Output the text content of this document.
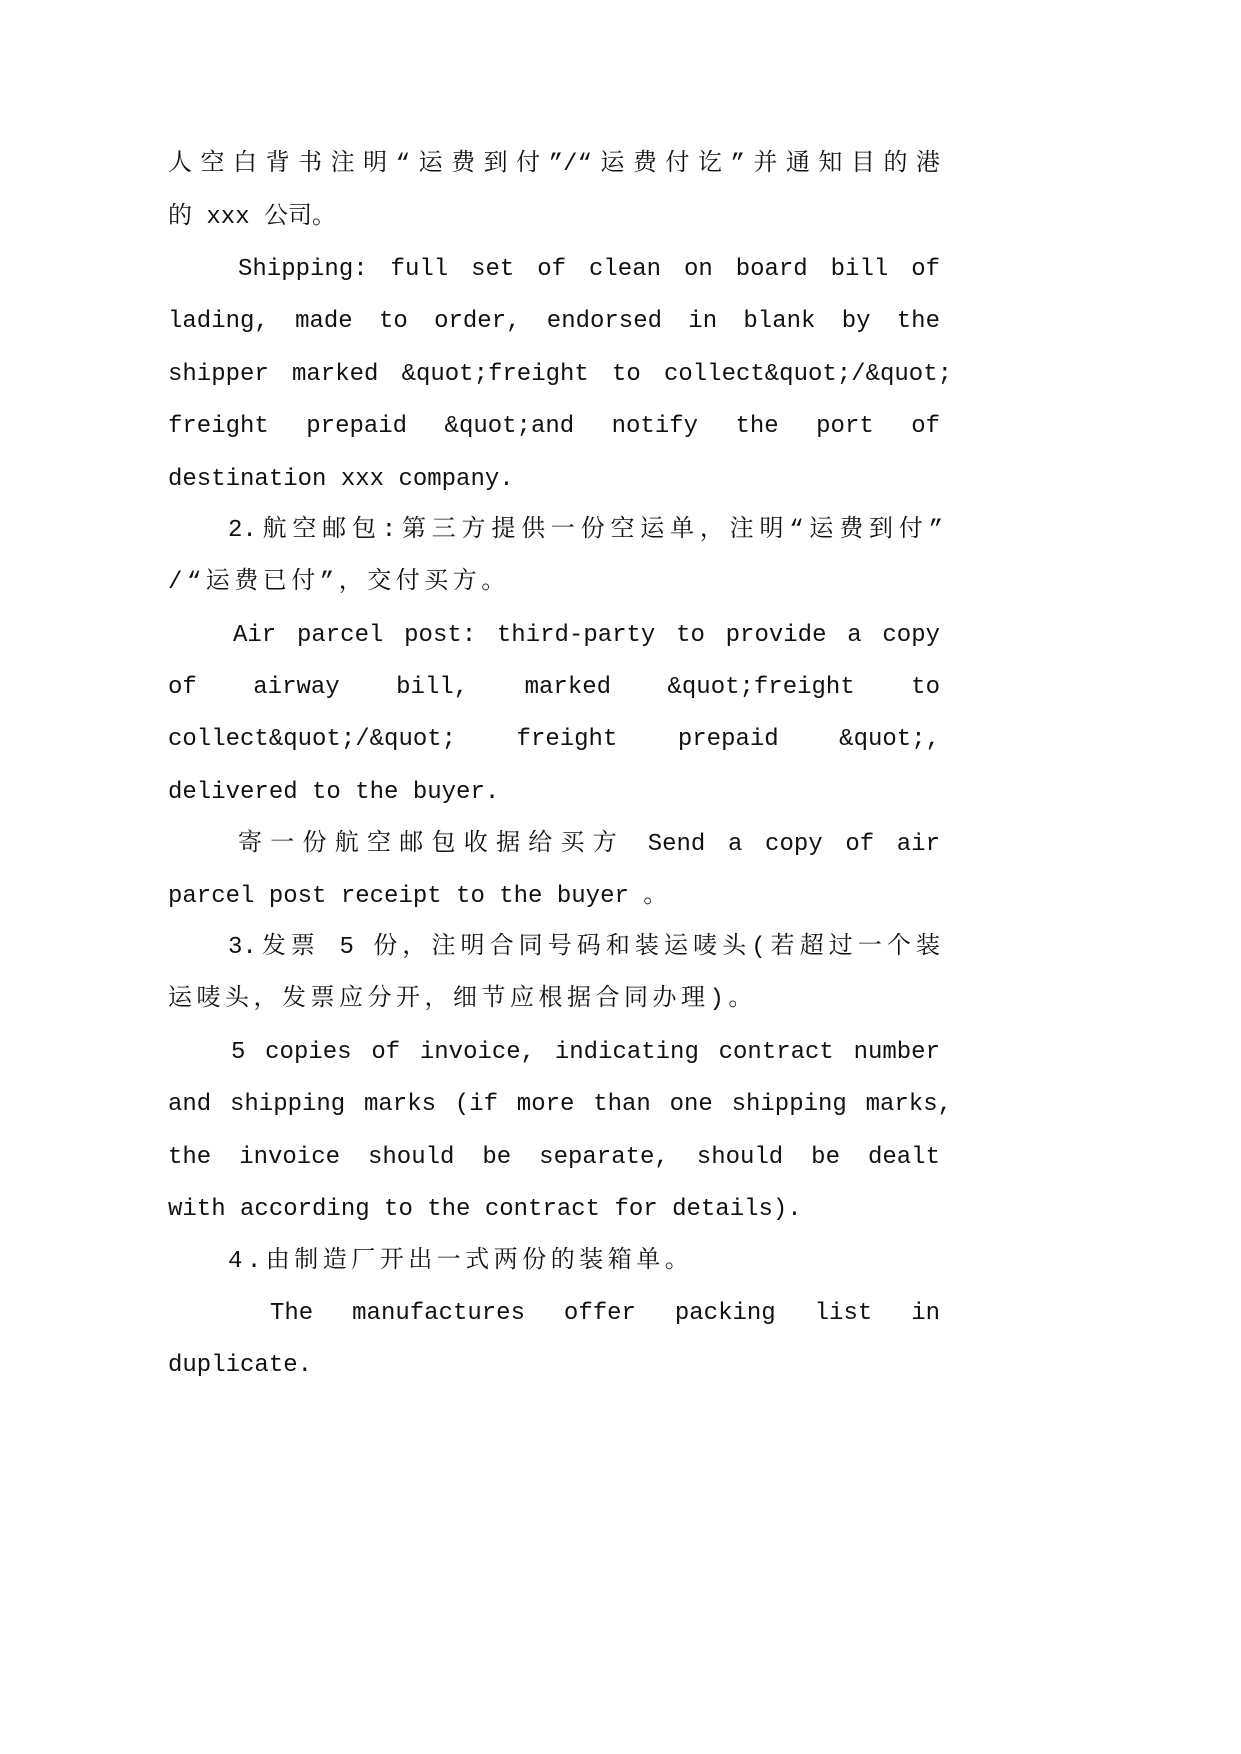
人空白背书注明“运费到付”/“运费付讫”并通知目的港
的 xxx 公司。
Shipping: full set of clean on board bill of
lading, made to order, endorsed in blank by the
shipper marked &quot;freight to collect&quot;/&quot;
freight prepaid &quot;and notify the port of
destination xxx company.
2.航空邮包:第三方提供一份空运单，注明“运费到付”
/“运费已付”，交付买方。
Air parcel post: third-party to provide a copy
of airway bill, marked &quot;freight to
collect&quot;/&quot; freight prepaid &quot;,
delivered to the buyer.
寄一份航空邮包收据给买方 Send a copy of air
parcel post receipt to the buyer 。
3.发票 5 份，注明合同号码和装运唛头(若超过一个装
运唛头，发票应分开，细节应根据合同办理)。
5 copies of invoice, indicating contract number
and shipping marks (if more than one shipping marks,
the invoice should be separate, should be dealt
with according to the contract for details).
4.由制造厂开出一式两份的装箱单。
The manufactures offer packing list in
duplicate.
